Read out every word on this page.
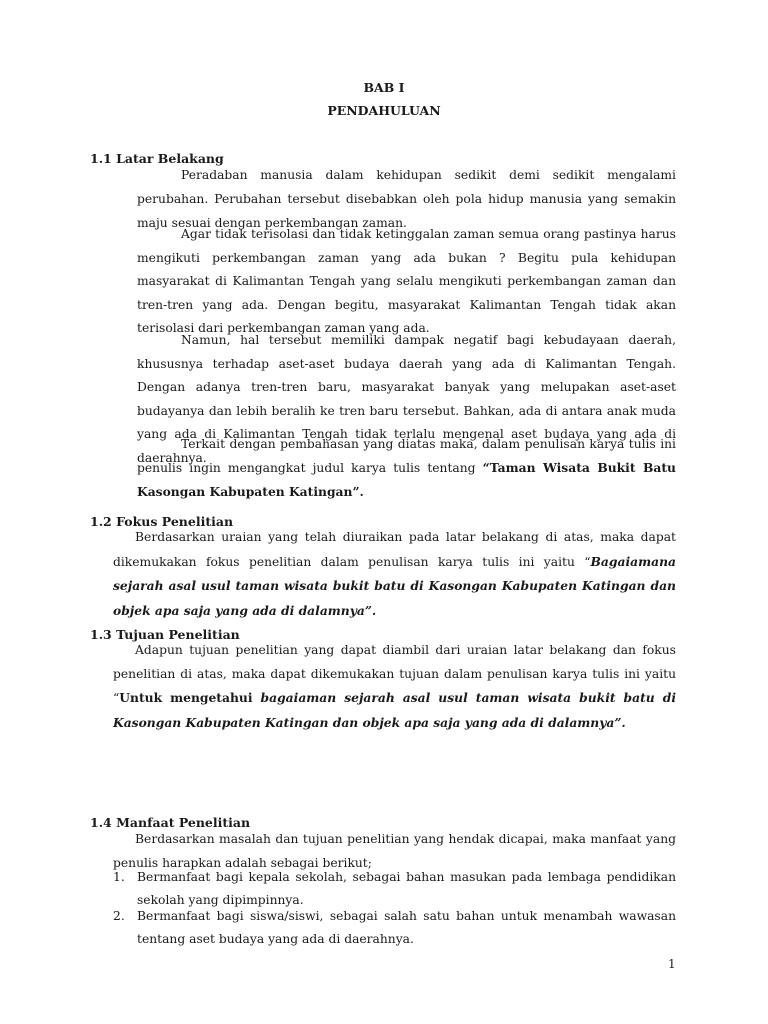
BAB I
PENDAHULUAN
1.1 Latar Belakang
Peradaban manusia dalam kehidupan sedikit demi sedikit mengalami perubahan. Perubahan tersebut disebabkan oleh pola hidup manusia yang semakin maju sesuai dengan perkembangan zaman.
Agar tidak terisolasi dan tidak ketinggalan zaman semua orang pastinya harus mengikuti perkembangan zaman yang ada bukan ? Begitu pula kehidupan masyarakat di Kalimantan Tengah yang selalu mengikuti perkembangan zaman dan tren-tren yang ada. Dengan begitu, masyarakat Kalimantan Tengah tidak akan terisolasi dari perkembangan zaman yang ada.
Namun, hal tersebut memiliki dampak negatif bagi kebudayaan daerah, khususnya terhadap aset-aset budaya daerah yang ada di Kalimantan Tengah. Dengan adanya tren-tren baru, masyarakat banyak yang melupakan aset-aset budayanya dan lebih beralih ke tren baru tersebut. Bahkan, ada di antara anak muda yang ada di Kalimantan Tengah tidak terlalu mengenal aset budaya yang ada di daerahnya.
Terkait dengan pembahasan yang diatas maka, dalam penulisan karya tulis ini penulis ingin mengangkat judul karya tulis tentang “Taman Wisata Bukit Batu Kasongan Kabupaten Katingan”.
1.2 Fokus Penelitian
Berdasarkan uraian yang telah diuraikan pada latar belakang di atas, maka dapat dikemukakan fokus penelitian dalam penulisan karya tulis ini yaitu “Bagaiamana sejarah asal usul taman wisata bukit batu di Kasongan Kabupaten Katingan dan objek apa saja yang ada di dalamnya”.
1.3 Tujuan Penelitian
Adapun tujuan penelitian yang dapat diambil dari uraian latar belakang dan fokus penelitian di atas, maka dapat dikemukakan tujuan dalam penulisan karya tulis ini yaitu “Untuk mengetahui bagaiaman sejarah asal usul taman wisata bukit batu di Kasongan Kabupaten Katingan dan objek apa saja yang ada di dalamnya”.
1.4 Manfaat Penelitian
Berdasarkan masalah dan tujuan penelitian yang hendak dicapai, maka manfaat yang penulis harapkan adalah sebagai berikut;
1. Bermanfaat bagi kepala sekolah, sebagai bahan masukan pada lembaga pendidikan sekolah yang dipimpinnya.
2. Bermanfaat bagi siswa/siswi, sebagai salah satu bahan untuk menambah wawasan tentang aset budaya yang ada di daerahnya.
1
